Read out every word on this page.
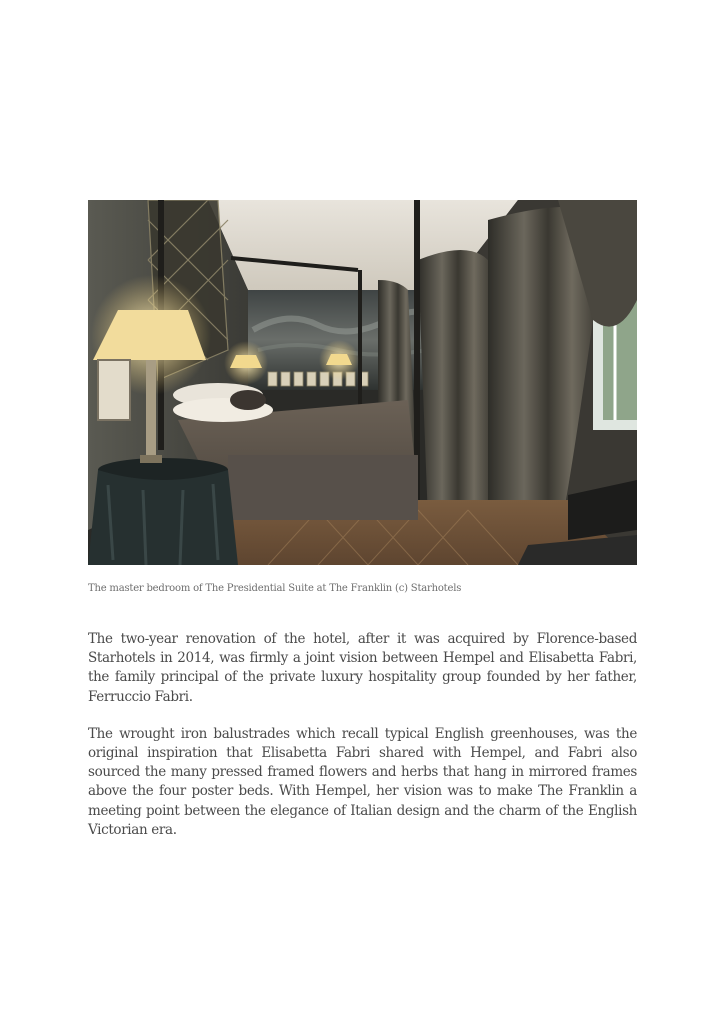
The master bedroom of The Presidential Suite at The Franklin (c) Starhotels

The two-year renovation of the hotel, after it was acquired by Florence-based Starhotels in 2014, was firmly a joint vision between Hempel and Elisabetta Fabri, the family principal of the private luxury hospitality group founded by her father, Ferruccio Fabri.

The wrought iron balustrades which recall typical English greenhouses, was the original inspiration that Elisabetta Fabri shared with Hempel, and Fabri also sourced the many pressed framed flowers and herbs that hang in mirrored frames above the four poster beds. With Hempel, her vision was to make The Franklin a meeting point between the elegance of Italian design and the charm of the English Victorian era.
